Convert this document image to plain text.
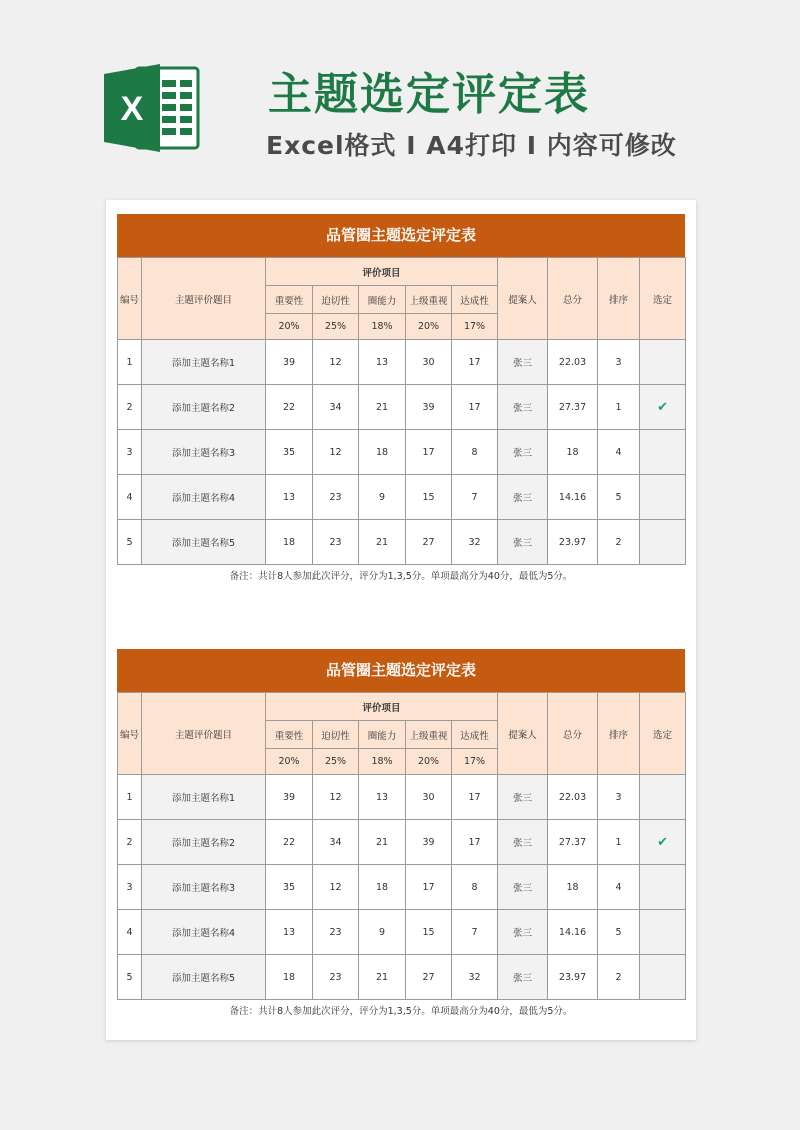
X	主题选定评定表
Excel格式 I A4打印 I 内容可修改
品管圈主题选定评定表
编号	主题评价题目	评价项目					提案人	总分	排序	选定
		重要性	迫切性	圈能力	上级重视	达成性				
		20%	25%	18%	20%	17%				
1	添加主题名称1	39	12	13	30	17	张三	22.03	3	
2	添加主题名称2	22	34	21	39	17	张三	27.37	1	✔
3	添加主题名称3	35	12	18	17	8	张三	18	4	
4	添加主题名称4	13	23	9	15	7	张三	14.16	5	
5	添加主题名称5	18	23	21	27	32	张三	23.97	2	
备注：共计8人参加此次评分，评分为1,3,5分。单项最高分为40分，最低为5分。
品管圈主题选定评定表
编号	主题评价题目	评价项目					提案人	总分	排序	选定
		重要性	迫切性	圈能力	上级重视	达成性				
		20%	25%	18%	20%	17%				
1	添加主题名称1	39	12	13	30	17	张三	22.03	3	
2	添加主题名称2	22	34	21	39	17	张三	27.37	1	✔
3	添加主题名称3	35	12	18	17	8	张三	18	4	
4	添加主题名称4	13	23	9	15	7	张三	14.16	5	
5	添加主题名称5	18	23	21	27	32	张三	23.97	2	
备注：共计8人参加此次评分，评分为1,3,5分。单项最高分为40分，最低为5分。
